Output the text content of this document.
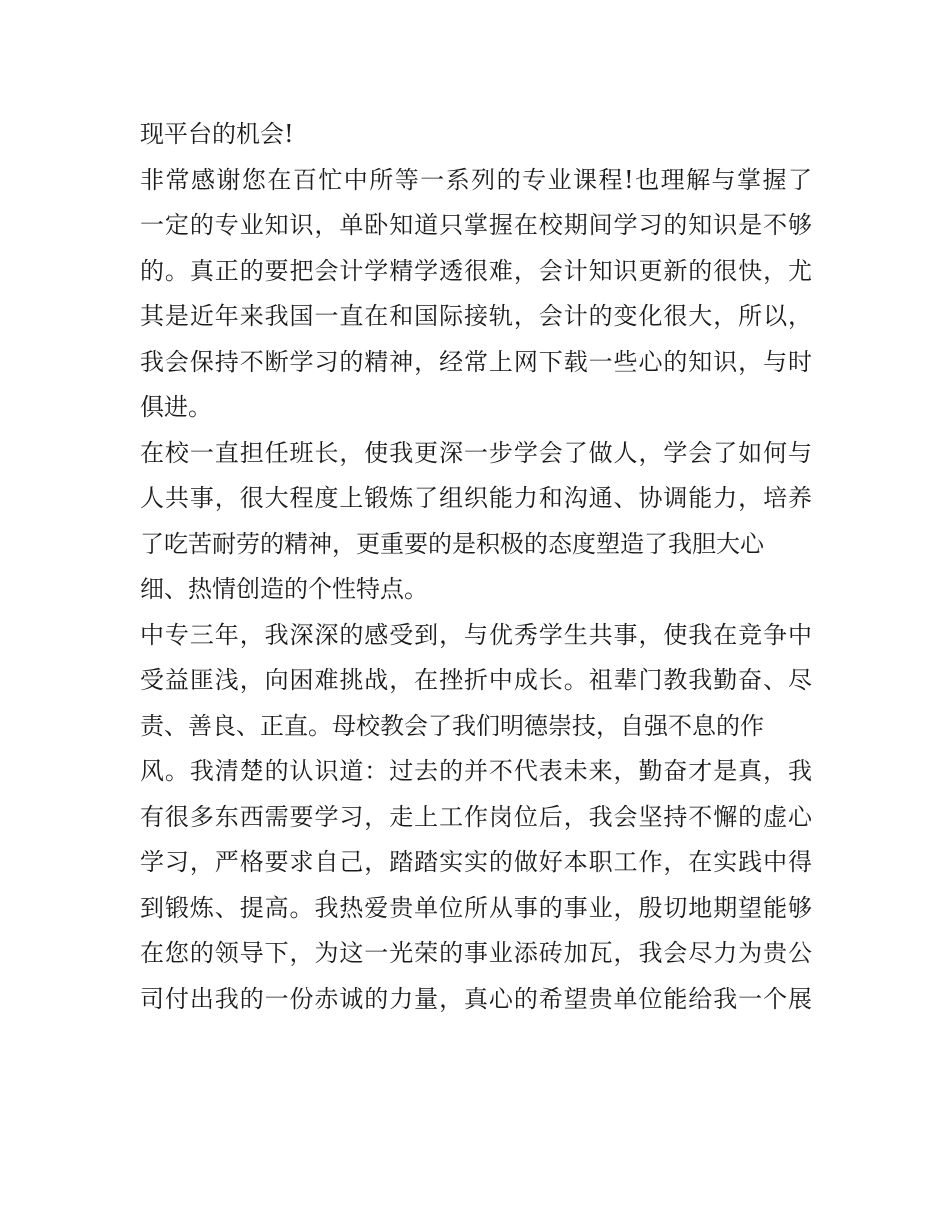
现平台的机会!
非常感谢您在百忙中所等一系列的专业课程!也理解与掌握了
一定的专业知识，单卧知道只掌握在校期间学习的知识是不够
的。真正的要把会计学精学透很难，会计知识更新的很快，尤
其是近年来我国一直在和国际接轨，会计的变化很大，所以，
我会保持不断学习的精神，经常上网下载一些心的知识，与时
俱进。
在校一直担任班长，使我更深一步学会了做人，学会了如何与
人共事，很大程度上锻炼了组织能力和沟通、协调能力，培养
了吃苦耐劳的精神，更重要的是积极的态度塑造了我胆大心
细、热情创造的个性特点。
中专三年，我深深的感受到，与优秀学生共事，使我在竞争中
受益匪浅，向困难挑战，在挫折中成长。祖辈门教我勤奋、尽
责、善良、正直。母校教会了我们明德崇技，自强不息的作
风。我清楚的认识道：过去的并不代表未来，勤奋才是真，我
有很多东西需要学习，走上工作岗位后，我会坚持不懈的虚心
学习，严格要求自己，踏踏实实的做好本职工作，在实践中得
到锻炼、提高。我热爱贵单位所从事的事业，殷切地期望能够
在您的领导下，为这一光荣的事业添砖加瓦，我会尽力为贵公
司付出我的一份赤诚的力量，真心的希望贵单位能给我一个展
